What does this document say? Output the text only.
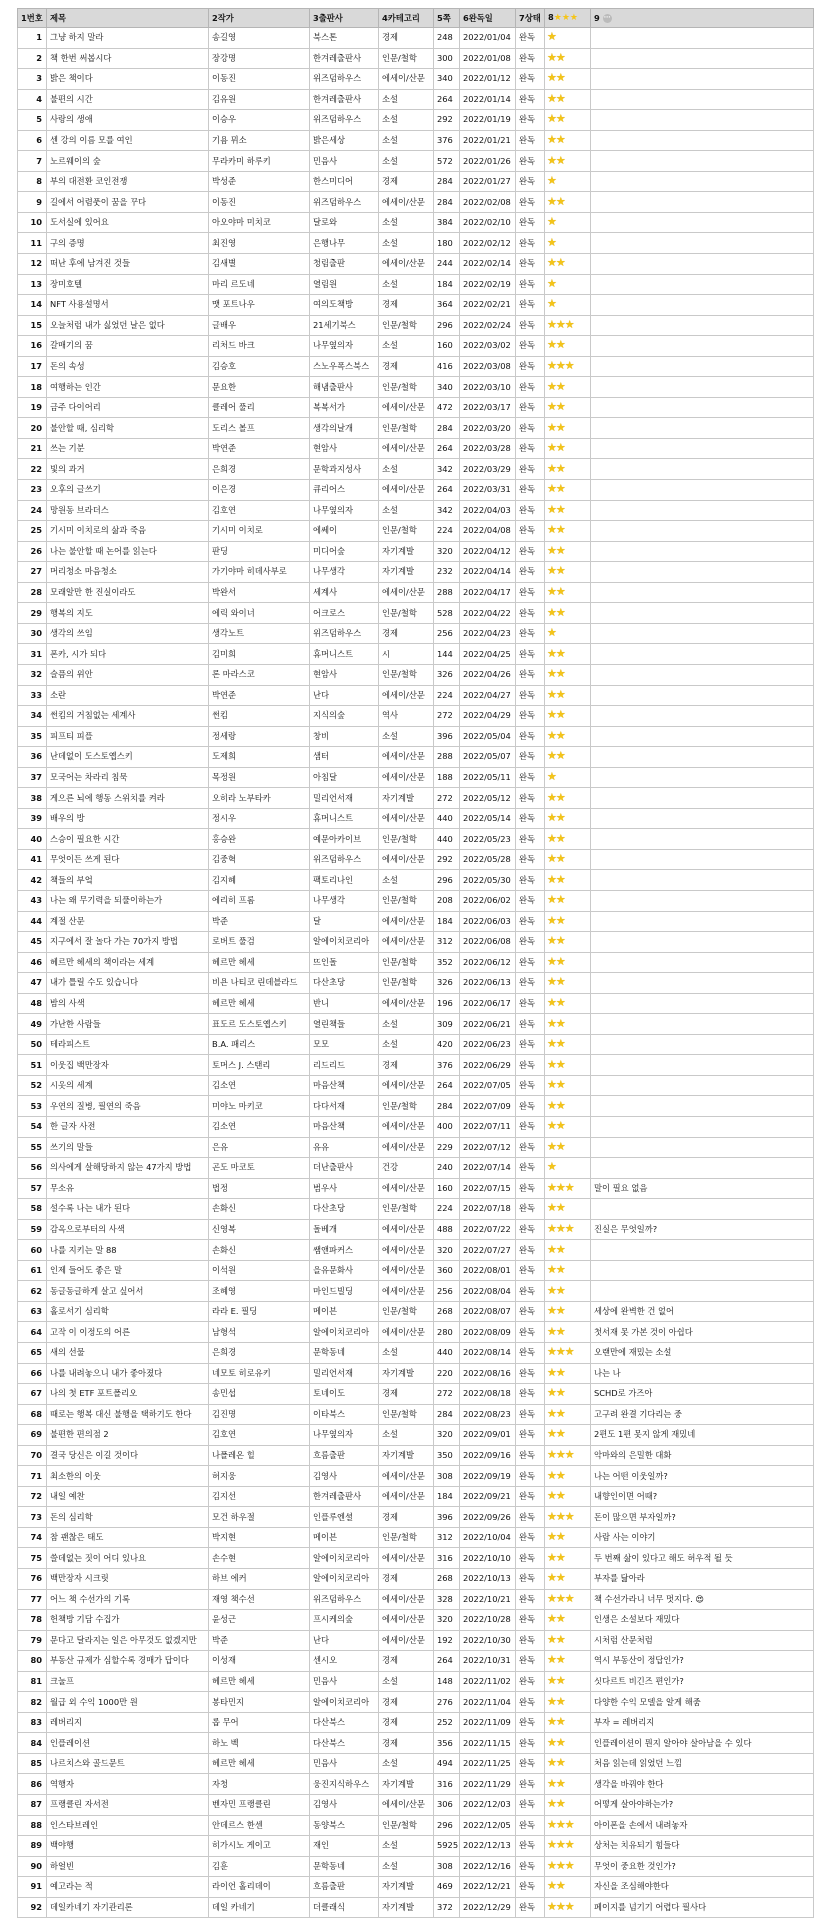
1번호	제목	2작가	3출판사	4카테고리	5쪽	6완독일	7상태	8★★★	9 ···
1	그냥 하지 말라	송길영	북스톤	경제	248	2022/01/04	완독	★	
2	책 한번 써봅시다	장강명	한겨레출판사	인문/철학	300	2022/01/08	완독	★★	
3	밝은 책이다	이동진	위즈덤하우스	에세이/산문	340	2022/01/12	완독	★★	
4	불편의 시간	김유원	한겨레출판사	소설	264	2022/01/14	완독	★★	
5	사랑의 생애	이승우	위즈덤하우스	소설	292	2022/01/19	완독	★★	
6	센 강의 이름 모를 여인	기욤 뮈소	밝은세상	소설	376	2022/01/21	완독	★★	
7	노르웨이의 숲	무라카미 하루키	민음사	소설	572	2022/01/26	완독	★★	
8	부의 대전환 코인전쟁	박성준	한스미디어	경제	284	2022/01/27	완독	★	
9	길에서 어렴풋이 꿈을 꾸다	이동진	위즈덤하우스	에세이/산문	284	2022/02/08	완독	★★	
10	도서실에 있어요	아오야마 미치코	달로와	소설	384	2022/02/10	완독	★	
11	구의 증명	최진영	은행나무	소설	180	2022/02/12	완독	★	
12	떠난 후에 남겨진 것들	김새별	청림출판	에세이/산문	244	2022/02/14	완독	★★	
13	장미호텔	마리 르도네	열림원	소설	184	2022/02/19	완독	★	
14	NFT 사용설명서	맷 포트나우	여의도책방	경제	364	2022/02/21	완독	★	
15	오늘처럼 내가 싫었던 날은 없다	글배우	21세기북스	인문/철학	296	2022/02/24	완독	★★★	
16	갈매기의 꿈	리처드 바크	나무옆의자	소설	160	2022/03/02	완독	★★	
17	돈의 속성	김승호	스노우폭스북스	경제	416	2022/03/08	완독	★★★	
18	여행하는 인간	문요한	해냄출판사	인문/철학	340	2022/03/10	완독	★★	
19	금주 다이어리	클레어 풀리	복복서가	에세이/산문	472	2022/03/17	완독	★★	
20	불안할 때, 심리학	도리스 볼프	생각의날개	인문/철학	284	2022/03/20	완독	★★	
21	쓰는 기분	박연준	현암사	에세이/산문	264	2022/03/28	완독	★★	
22	빛의 과거	은희경	문학과지성사	소설	342	2022/03/29	완독	★★	
23	오후의 글쓰기	이은경	큐리어스	에세이/산문	264	2022/03/31	완독	★★	
24	망원동 브라더스	김호연	나무옆의자	소설	342	2022/04/03	완독	★★	
25	기시미 이치로의 삶과 죽음	기시미 이치로	에쎄이	인문/철학	224	2022/04/08	완독	★★	
26	나는 불안할 때 논어를 읽는다	판딩	미디어숲	자기계발	320	2022/04/12	완독	★★	
27	머리청소 마음청소	가기야마 히데사부로	나무생각	자기계발	232	2022/04/14	완독	★★	
28	모래알만 한 진실이라도	박완서	세계사	에세이/산문	288	2022/04/17	완독	★★	
29	행복의 지도	에릭 와이너	어크로스	인문/철학	528	2022/04/22	완독	★★	
30	생각의 쓰임	생각노트	위즈덤하우스	경제	256	2022/04/23	완독	★	
31	폰카, 시가 되다	김미희	휴머니스트	시	144	2022/04/25	완독	★★	
32	슬픔의 위안	론 마라스코	현암사	인문/철학	326	2022/04/26	완독	★★	
33	소란	박연준	난다	에세이/산문	224	2022/04/27	완독	★★	
34	썬킴의 거침없는 세계사	썬킴	지식의숲	역사	272	2022/04/29	완독	★★	
35	피프티 피플	정세랑	창비	소설	396	2022/05/04	완독	★★	
36	난데없이 도스토옙스키	도제희	샘터	에세이/산문	288	2022/05/07	완독	★★	
37	모국어는 차라리 침묵	목정원	아침달	에세이/산문	188	2022/05/11	완독	★	
38	게으른 뇌에 행동 스위치를 켜라	오히라 노부타카	밀리언서재	자기계발	272	2022/05/12	완독	★★	
39	배우의 방	정시우	휴머니스트	에세이/산문	440	2022/05/14	완독	★★	
40	스승이 필요한 시간	홍승완	예문아카이브	인문/철학	440	2022/05/23	완독	★★	
41	무엇이든 쓰게 된다	김중혁	위즈덤하우스	에세이/산문	292	2022/05/28	완독	★★	
42	책들의 부엌	김지혜	팩토리나인	소설	296	2022/05/30	완독	★★	
43	나는 왜 무기력을 되풀이하는가	에리히 프롬	나무생각	인문/철학	208	2022/06/02	완독	★★	
44	계절 산문	박준	달	에세이/산문	184	2022/06/03	완독	★★	
45	지구에서 잘 놀다 가는 70가지 방법	로버트 풀검	알에이치코리아	에세이/산문	312	2022/06/08	완독	★★	
46	헤르만 헤세의 책이라는 세계	헤르만 헤세	뜨인돌	인문/철학	352	2022/06/12	완독	★★	
47	내가 틀릴 수도 있습니다	비욘 나티코 린데블라드	다산초당	인문/철학	326	2022/06/13	완독	★★	
48	밤의 사색	헤르만 헤세	반니	에세이/산문	196	2022/06/17	완독	★★	
49	가난한 사람들	표도르 도스토옙스키	열린책들	소설	309	2022/06/21	완독	★★	
50	테라피스트	B.A. 패리스	모모	소설	420	2022/06/23	완독	★★	
51	이웃집 백만장자	토머스 J. 스탠리	리드리드	경제	376	2022/06/29	완독	★★	
52	시옷의 세계	김소연	마음산책	에세이/산문	264	2022/07/05	완독	★★	
53	우연의 질병, 필연의 죽음	미야노 마키코	다다서재	인문/철학	284	2022/07/09	완독	★★	
54	한 글자 사전	김소연	마음산책	에세이/산문	400	2022/07/11	완독	★★	
55	쓰기의 말들	은유	유유	에세이/산문	229	2022/07/12	완독	★★	
56	의사에게 살해당하지 않는 47가지 방법	곤도 마코토	더난출판사	건강	240	2022/07/14	완독	★	
57	무소유	법정	범우사	에세이/산문	160	2022/07/15	완독	★★★	말이 필요 없음
58	설수록 나는 내가 된다	손화신	다산초당	인문/철학	224	2022/07/18	완독	★★	
59	감옥으로부터의 사색	신영복	돌베개	에세이/산문	488	2022/07/22	완독	★★★	진실은 무엇일까?
60	나를 지키는 말 88	손화신	쌤앤파커스	에세이/산문	320	2022/07/27	완독	★★	
61	인제 들어도 좋은 말	이석원	을유문화사	에세이/산문	360	2022/08/01	완독	★★	
62	동글동글하게 살고 싶어서	조혜영	마인드빌딩	에세이/산문	256	2022/08/04	완독	★★	
63	홀로서기 심리학	라라 E. 필딩	메이븐	인문/철학	268	2022/08/07	완독	★★	세상에 완벽한 건 없어
64	고작 이 이정도의 어른	남형석	알에이치코리아	에세이/산문	280	2022/08/09	완독	★★	첫서재 못 가본 것이 아쉽다
65	새의 선물	은희경	문학동네	소설	440	2022/08/14	완독	★★★	오랜만에 재밌는 소설
66	나를 내려놓으니 내가 좋아졌다	네모토 히로유키	밀리언서재	자기계발	220	2022/08/16	완독	★★	나는 나
67	나의 첫 ETF 포트폴리오	송민섭	토네이도	경제	272	2022/08/18	완독	★★	SCHD로 가즈아
68	때로는 행복 대신 불행을 택하기도 한다	김진명	이타북스	인문/철학	284	2022/08/23	완독	★★	고구려 완결 기다리는 중
69	불편한 편의점 2	김호연	나무옆의자	소설	320	2022/09/01	완독	★★	2편도 1편 못지 않게 재밌네
70	결국 당신은 이길 것이다	나폴레온 힐	흐름출판	자기계발	350	2022/09/16	완독	★★★	악마와의 은밀한 대화
71	최소한의 이웃	허지웅	김영사	에세이/산문	308	2022/09/19	완독	★★	나는 어떤 이웃일까?
72	내일 예찬	김지선	한겨레출판사	에세이/산문	184	2022/09/21	완독	★★	내향인이면 어때?
73	돈의 심리학	모건 하우절	인플루엔셜	경제	396	2022/09/26	완독	★★★	돈이 많으면 부자일까?
74	참 괜찮은 태도	박지현	메이븐	인문/철학	312	2022/10/04	완독	★★	사람 사는 이야기
75	쓸데없는 짓이 어디 있나요	손수현	알에이치코리아	에세이/산문	316	2022/10/10	완독	★★	두 번째 삶이 있다고 해도 허우적 될 듯
76	백만장자 시크릿	하브 에커	알에이치코리아	경제	268	2022/10/13	완독	★★	부자를 닮아라
77	어느 책 수선가의 기록	재영 책수선	위즈덤하우스	에세이/산문	328	2022/10/21	완독	★★★	책 수선가라니 너무 멋지다. 😍
78	헌책방 기담 수집가	윤성근	프시케의숲	에세이/산문	320	2022/10/28	완독	★★	인생은 소설보다 재밌다
79	문다고 달라지는 일은 아무것도 없겠지만	박준	난다	에세이/산문	192	2022/10/30	완독	★★	시처럼 산문처럼
80	부동산 규제가 심할수록 경매가 답이다	이성재	센시오	경제	264	2022/10/31	완독	★★	역시 부동산이 정답인가?
81	크눌프	헤르만 헤세	민음사	소설	148	2022/11/02	완독	★★	싯다르트 비긴즈 편인가?
82	월급 외 수익 1000만 원	봉타민지	알에이치코리아	경제	276	2022/11/04	완독	★★	다양한 수익 모델을 알게 해줌
83	레버리지	롭 무어	다산북스	경제	252	2022/11/09	완독	★★	부자 = 레버리지
84	인플레이션	하노 벡	다산북스	경제	356	2022/11/15	완독	★★	인플레이션이 뭔지 알아야 살아남을 수 있다
85	나르치스와 골드문트	헤르만 헤세	민음사	소설	494	2022/11/25	완독	★★	처음 읽는데 읽었던 느낌
86	역행자	자청	웅진지식하우스	자기계발	316	2022/11/29	완독	★★	생각을 바꿔야 한다
87	프랭클린 자서전	벤자민 프랭클린	김영사	에세이/산문	306	2022/12/03	완독	★★	어떻게 살아야하는가?
88	인스타브레인	안데르스 한센	동양북스	인문/철학	296	2022/12/05	완독	★★★	아이폰을 손에서 내려놓자
89	백야행	히가시노 게이고	재인	소설	5925	2022/12/13	완독	★★★	상처는 치유되기 힘들다
90	하얼빈	김훈	문학동네	소설	308	2022/12/16	완독	★★★	무엇이 중요한 것인가?
91	예고라는 적	라이언 홀리데이	흐름출판	자기계발	469	2022/12/21	완독	★★	자신을 조심해야한다
92	데일카네기 자기관리론	데일 카네기	더클래식	자기계발	372	2022/12/29	완독	★★★	페이지를 넘기기 어렵다 필사다
